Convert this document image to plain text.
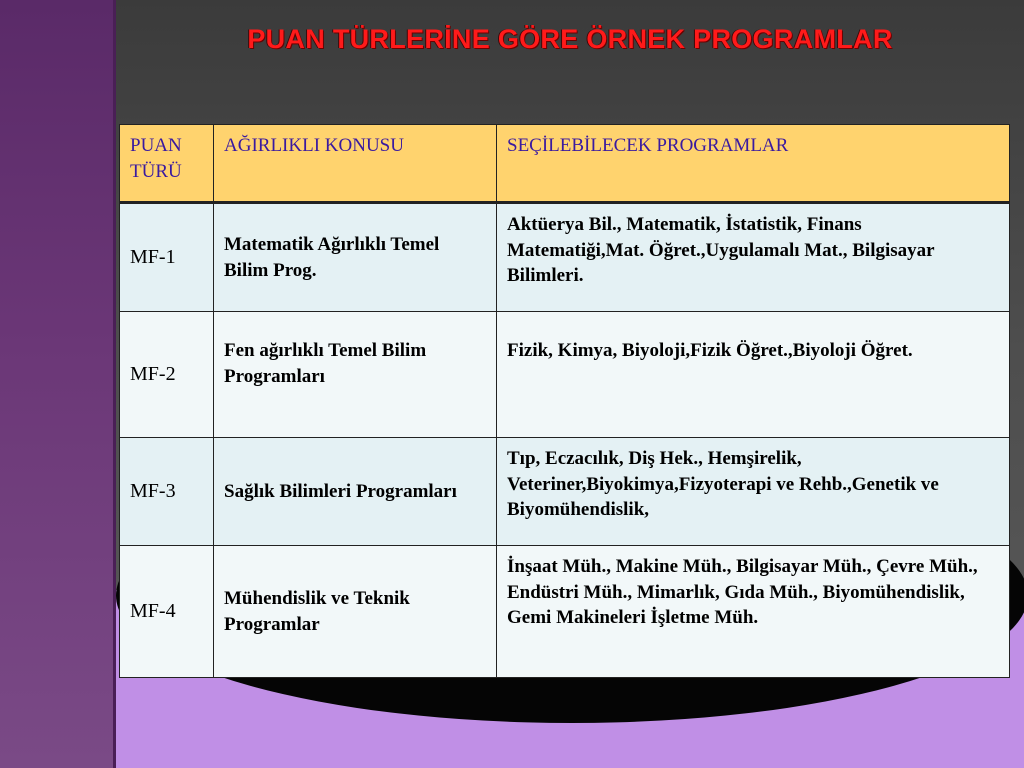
PUAN TÜRLERİNE GÖRE ÖRNEK PROGRAMLAR
PUAN TÜRÜ	AĞIRLIKLI KONUSU	SEÇİLEBİLECEK PROGRAMLAR
MF-1	Matematik Ağırlıklı Temel Bilim Prog.	Aktüerya Bil., Matematik, İstatistik, Finans Matematiği,Mat. Öğret.,Uygulamalı Mat., Bilgisayar Bilimleri.
MF-2	Fen ağırlıklı Temel Bilim Programları	Fizik, Kimya, Biyoloji,Fizik Öğret.,Biyoloji Öğret.
MF-3	Sağlık Bilimleri Programları	Tıp, Eczacılık, Diş Hek., Hemşirelik, Veteriner,Biyokimya,Fizyoterapi ve Rehb.,Genetik ve Biyomühendislik,
MF-4	Mühendislik ve Teknik Programlar	İnşaat Müh., Makine Müh., Bilgisayar Müh., Çevre Müh., Endüstri Müh., Mimarlık, Gıda Müh., Biyomühendislik, Gemi Makineleri İşletme Müh.
